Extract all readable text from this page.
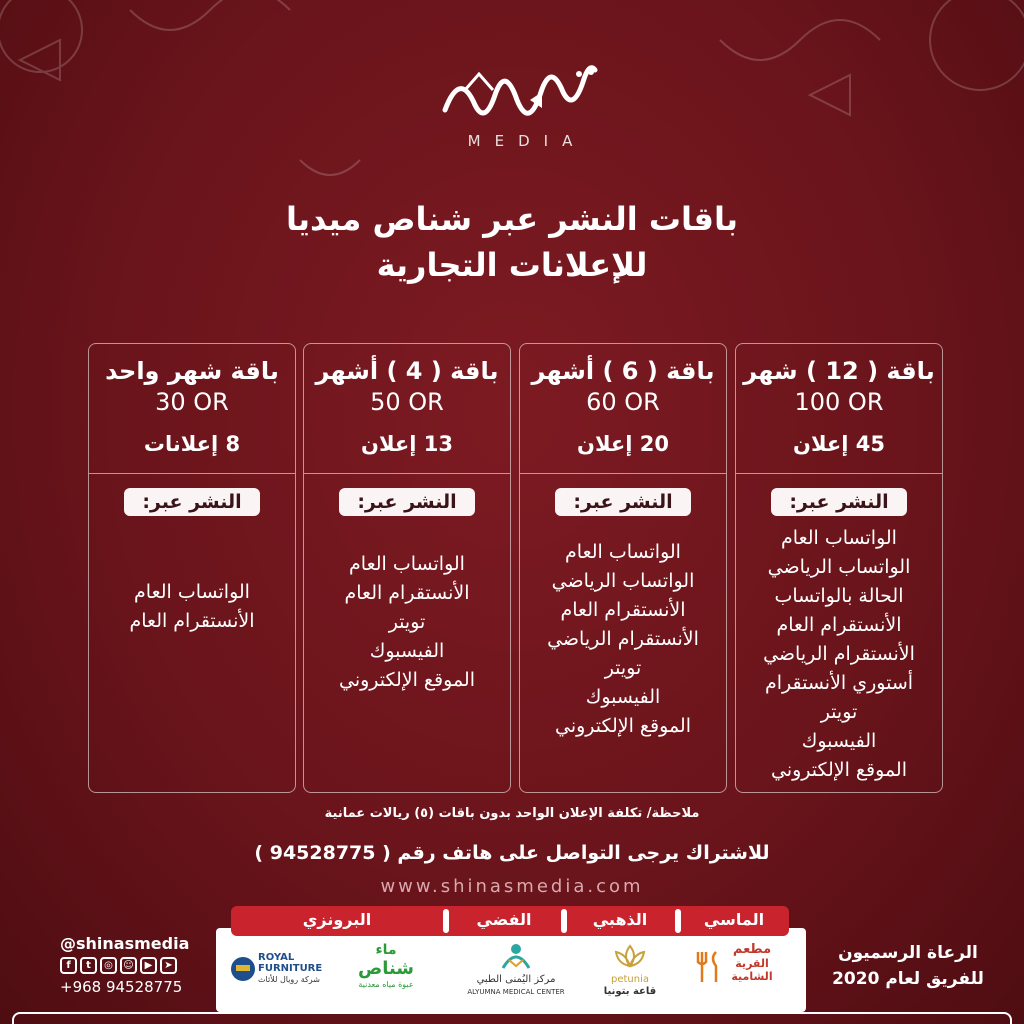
MEDIA
باقات النشر عبر شناص ميديا
للإعلانات التجارية
باقة ( 12 ) شهر
100 OR
45 إعلان
النشر عبر:
الواتساب العام
الواتساب الرياضي
الحالة بالواتساب
الأنستقرام العام
الأنستقرام الرياضي
أستوري الأنستقرام
تويتر
الفيسبوك
الموقع الإلكتروني
باقة ( 6 ) أشهر
60 OR
20 إعلان
النشر عبر:
الواتساب العام
الواتساب الرياضي
الأنستقرام العام
الأنستقرام الرياضي
تويتر
الفيسبوك
الموقع الإلكتروني
باقة ( 4 ) أشهر
50 OR
13 إعلان
النشر عبر:
الواتساب العام
الأنستقرام العام
تويتر
الفيسبوك
الموقع الإلكتروني
باقة شهر واحد
30 OR
8 إعلانات
النشر عبر:
الواتساب العام
الأنستقرام العام
ملاحظة/ تكلفة الإعلان الواحد بدون باقات (٥) ريالات عمانية
للاشتراك يرجى التواصل على هاتف رقم ( 94528775 )
www.shinasmedia.com
مطعم
القرية الشامية
petunia
قاعة بتونيا
مركز اليُمنى الطبي
ALYUMNA MEDICAL CENTER
ماء
شناص
عبوة مياه معدنية
ROYAL FURNITURE
شركة رويال للأثاث
الماسي
الذهبي
الفضي
البرونزي
@shinasmedia
f	t	◎	☺	▶	➤
+968 94528775
الرعاة الرسميون
للفريق لعام 2020
